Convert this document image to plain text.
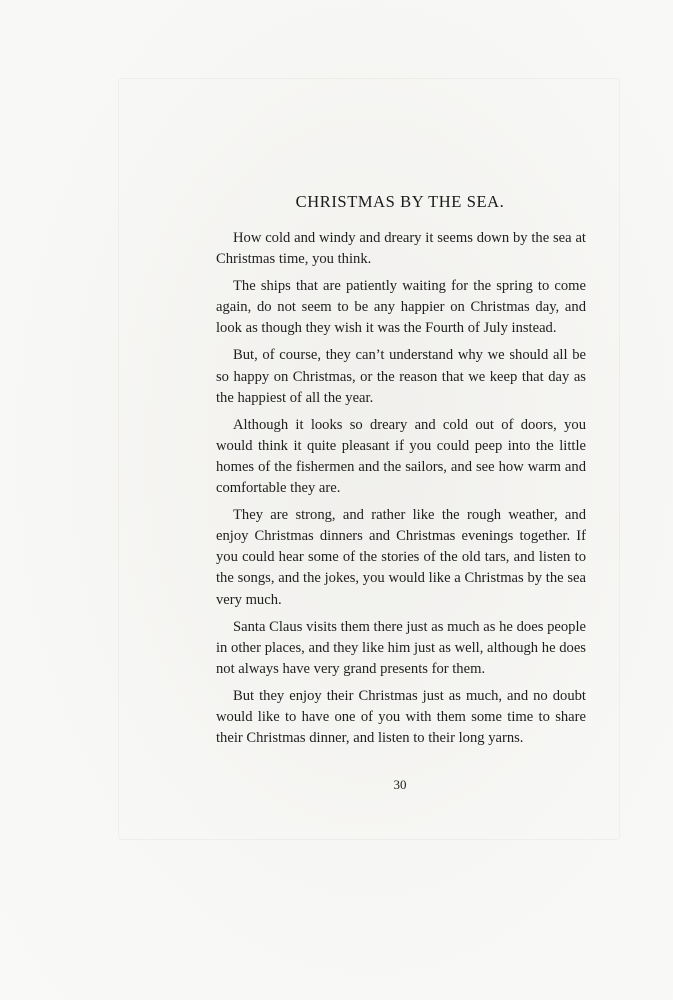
CHRISTMAS BY THE SEA.

How cold and windy and dreary it seems down by the sea at Christmas time, you think.

The ships that are patiently waiting for the spring to come again, do not seem to be any happier on Christmas day, and look as though they wish it was the Fourth of July instead.

But, of course, they can’t understand why we should all be so happy on Christmas, or the reason that we keep that day as the happiest of all the year.

Although it looks so dreary and cold out of doors, you would think it quite pleasant if you could peep into the little homes of the fishermen and the sailors, and see how warm and comfortable they are.

They are strong, and rather like the rough weather, and enjoy Christmas dinners and Christmas evenings together. If you could hear some of the stories of the old tars, and listen to the songs, and the jokes, you would like a Christmas by the sea very much.

Santa Claus visits them there just as much as he does people in other places, and they like him just as well, although he does not always have very grand presents for them.

But they enjoy their Christmas just as much, and no doubt would like to have one of you with them some time to share their Christmas dinner, and listen to their long yarns.

30
